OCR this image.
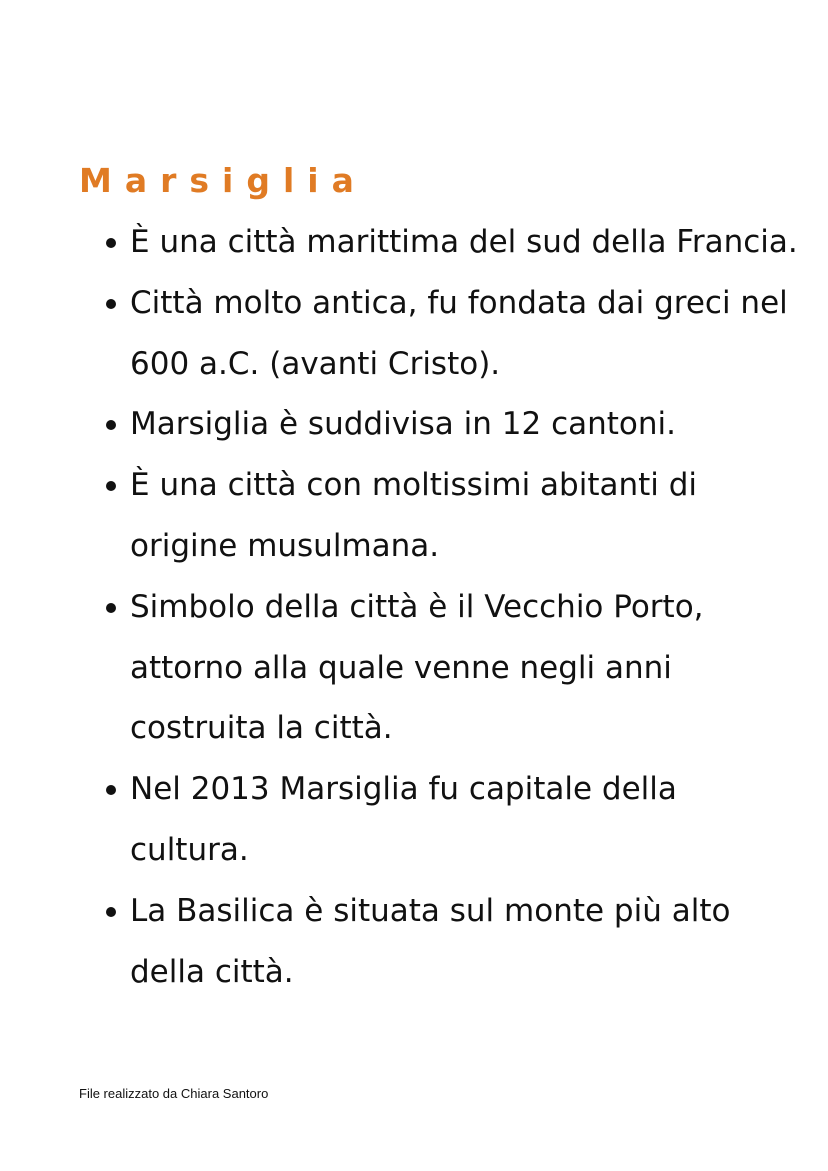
Marsiglia
È una città marittima del sud della Francia.
Città molto antica, fu fondata dai greci nel 600 a.C. (avanti Cristo).
Marsiglia è suddivisa in 12 cantoni.
È una città con moltissimi abitanti di origine musulmana.
Simbolo della città è il Vecchio Porto, attorno alla quale venne negli anni costruita la città.
Nel 2013 Marsiglia fu capitale della cultura.
La Basilica è situata sul monte più alto della città.
File realizzato da Chiara Santoro
